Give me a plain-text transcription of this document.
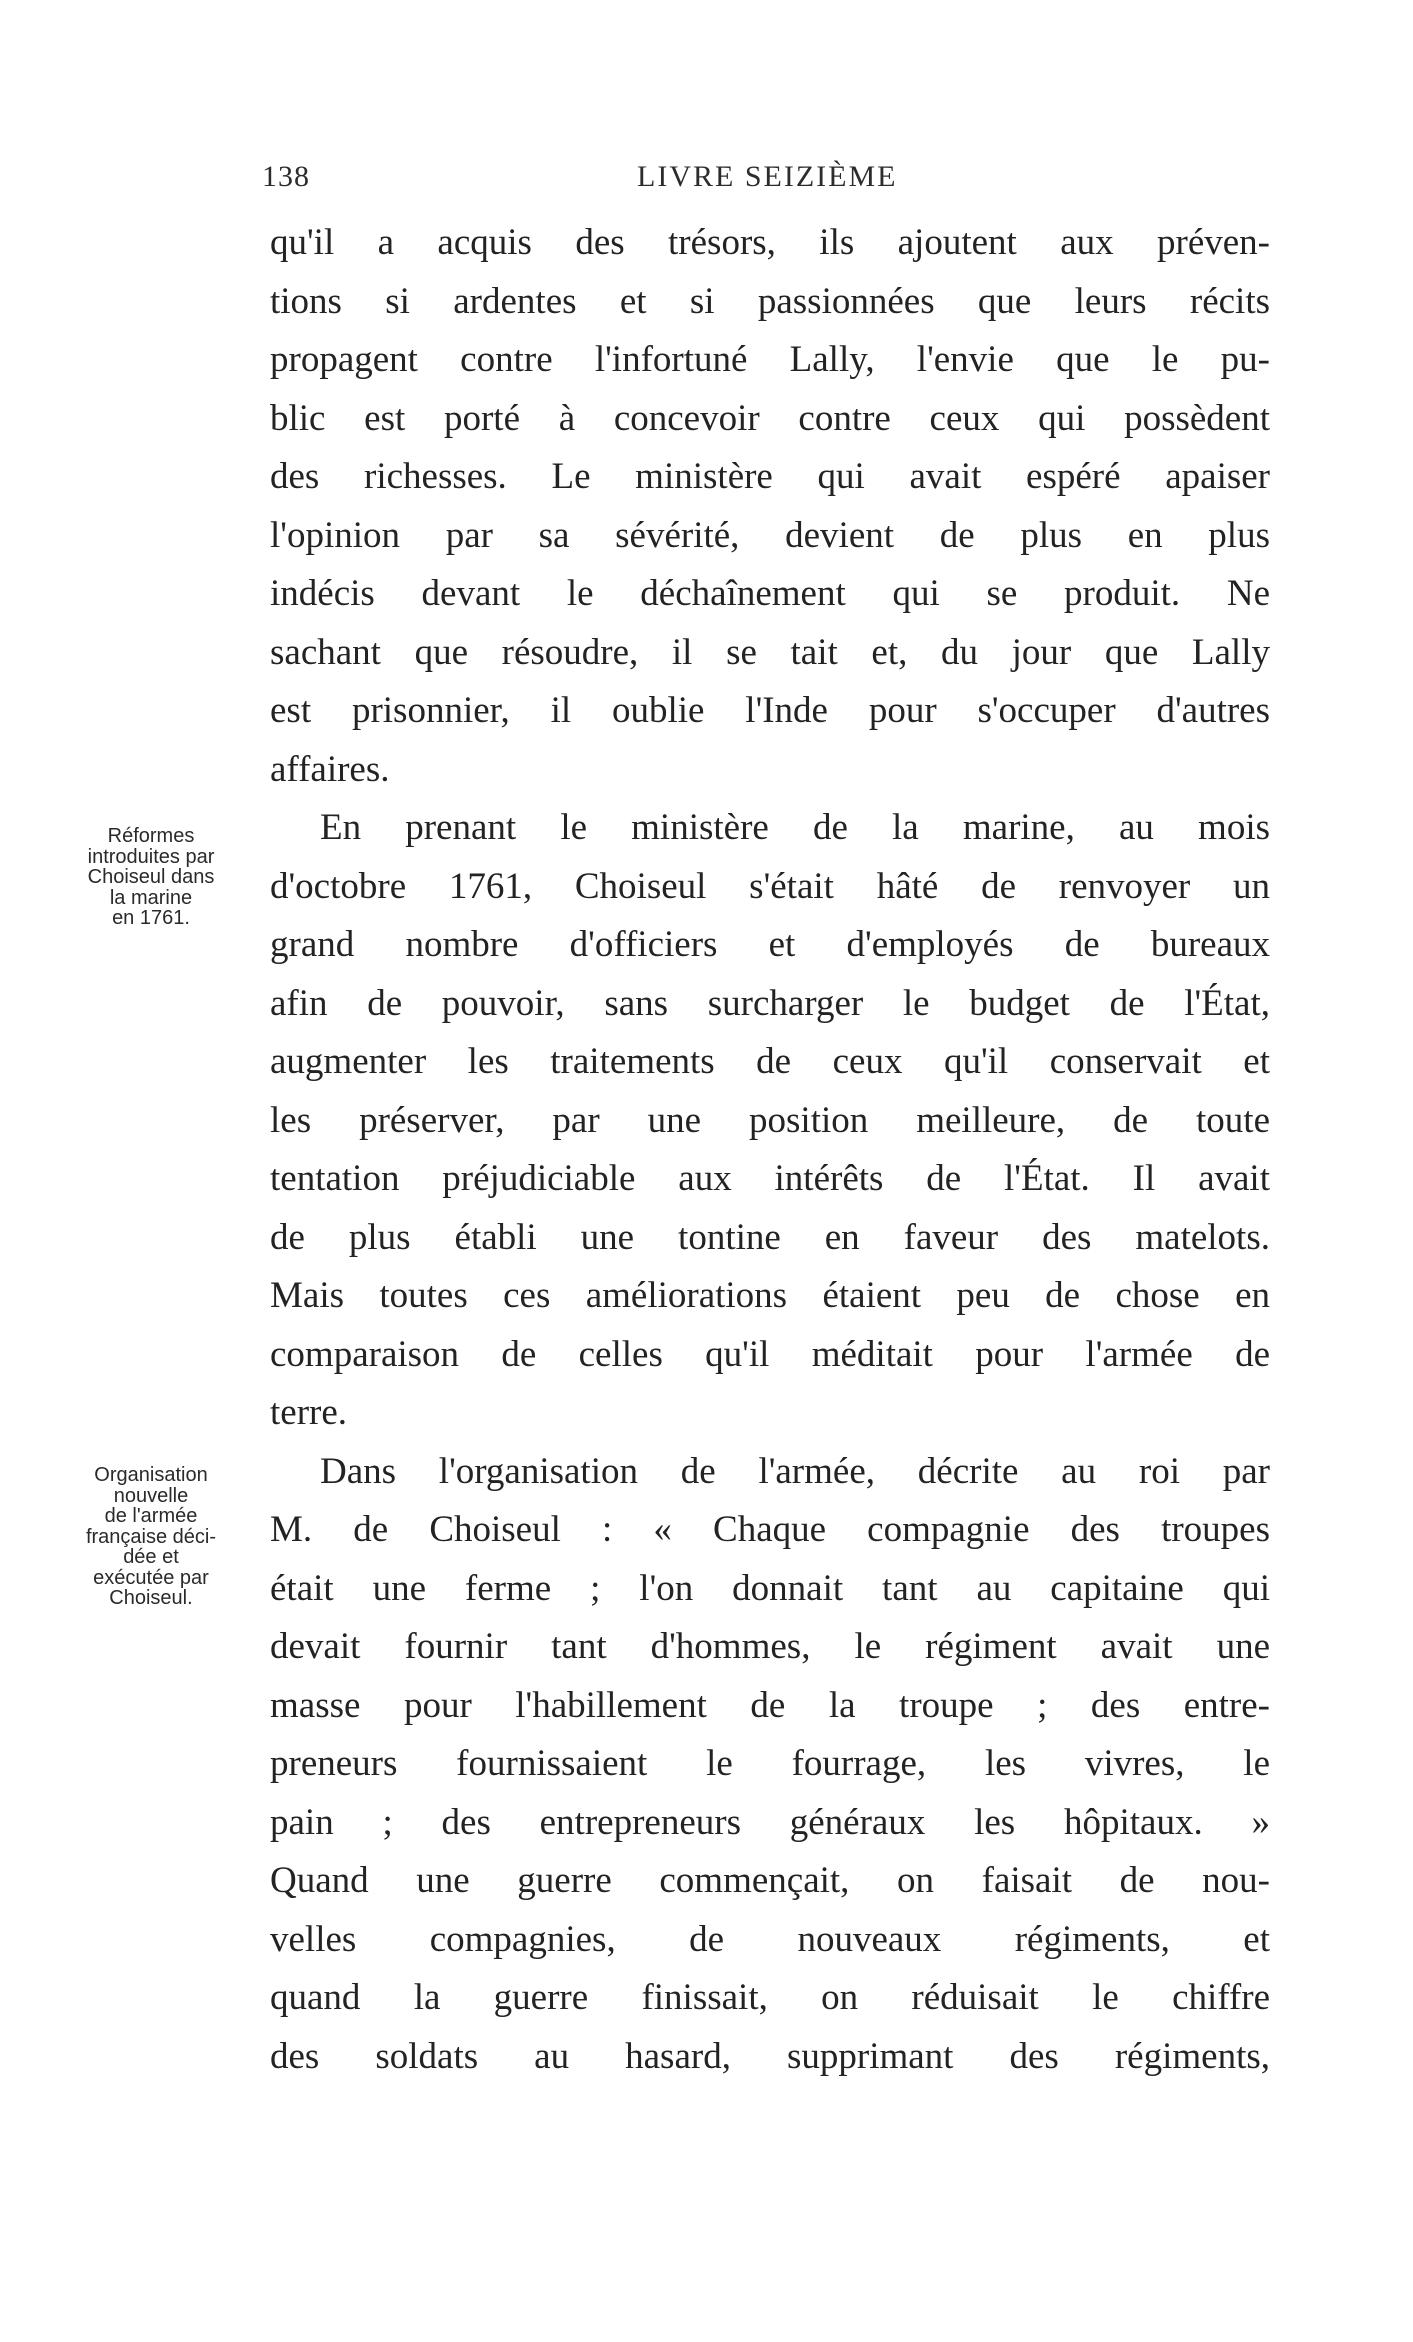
138	LIVRE SEIZIÈME
Réformes
introduites par
Choiseul dans
la marine
en 1761.
Organisation
nouvelle
de l'armée
française déci-
dée et
exécutée par
Choiseul.
qu'il a acquis des trésors, ils ajoutent aux préven-
tions si ardentes et si passionnées que leurs récits
propagent contre l'infortuné Lally, l'envie que le pu-
blic est porté à concevoir contre ceux qui possèdent
des richesses. Le ministère qui avait espéré apaiser
l'opinion par sa sévérité, devient de plus en plus
indécis devant le déchaînement qui se produit. Ne
sachant que résoudre, il se tait et, du jour que Lally
est prisonnier, il oublie l'Inde pour s'occuper d'autres
affaires.
En prenant le ministère de la marine, au mois
d'octobre 1761, Choiseul s'était hâté de renvoyer un
grand nombre d'officiers et d'employés de bureaux
afin de pouvoir, sans surcharger le budget de l'État,
augmenter les traitements de ceux qu'il conservait et
les préserver, par une position meilleure, de toute
tentation préjudiciable aux intérêts de l'État. Il avait
de plus établi une tontine en faveur des matelots.
Mais toutes ces améliorations étaient peu de chose en
comparaison de celles qu'il méditait pour l'armée de
terre.
Dans l'organisation de l'armée, décrite au roi par
M. de Choiseul : « Chaque compagnie des troupes
était une ferme ; l'on donnait tant au capitaine qui
devait fournir tant d'hommes, le régiment avait une
masse pour l'habillement de la troupe ; des entre-
preneurs fournissaient le fourrage, les vivres, le
pain ; des entrepreneurs généraux les hôpitaux. »
Quand une guerre commençait, on faisait de nou-
velles compagnies, de nouveaux régiments, et
quand la guerre finissait, on réduisait le chiffre
des soldats au hasard, supprimant des régiments,
